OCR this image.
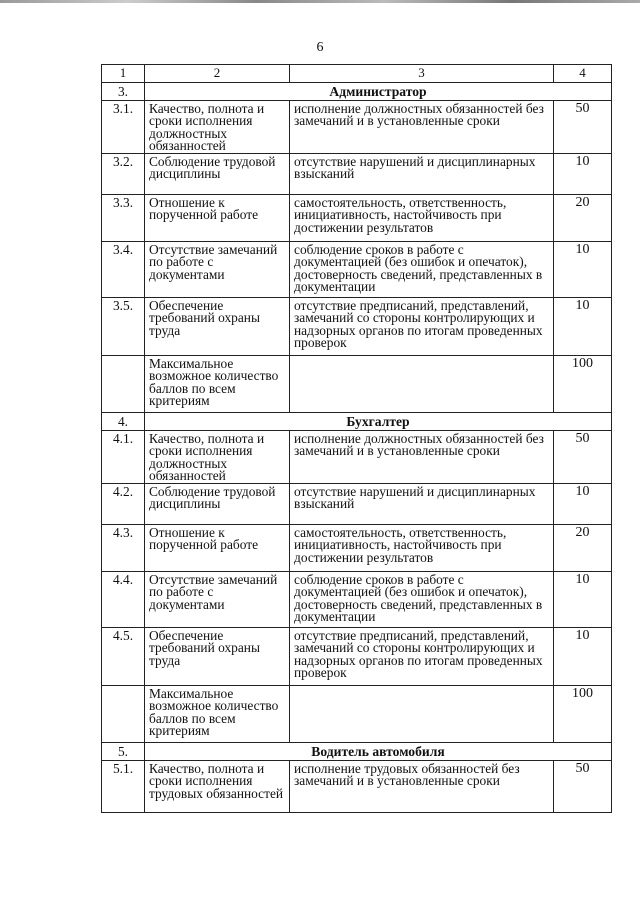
6
1	2	3	4
3.	Администратор		
3.1.	Качество, полнота и сроки исполнения должностных обязанностей	исполнение должностных обязанностей без замечаний и в установленные сроки	50
3.2.	Соблюдение трудовой дисциплины	отсутствие нарушений и дисциплинарных взысканий	10
3.3.	Отношение к порученной работе	самостоятельность, ответственность, инициативность, настойчивость при достижении результатов	20
3.4.	Отсутствие замечаний по работе с документами	соблюдение сроков в работе с документацией (без ошибок и опечаток), достоверность сведений, представленных в документации	10
3.5.	Обеспечение требований охраны труда	отсутствие предписаний, представлений, замечаний со стороны контролирующих и надзорных органов по итогам проведенных проверок	10
	Максимальное возможное количество баллов по всем критериям		100
4.	Бухгалтер		
4.1.	Качество, полнота и сроки исполнения должностных обязанностей	исполнение должностных обязанностей без замечаний и в установленные сроки	50
4.2.	Соблюдение трудовой дисциплины	отсутствие нарушений и дисциплинарных взысканий	10
4.3.	Отношение к порученной работе	самостоятельность, ответственность, инициативность, настойчивость при достижении результатов	20
4.4.	Отсутствие замечаний по работе с документами	соблюдение сроков в работе с документацией (без ошибок и опечаток), достоверность сведений, представленных в документации	10
4.5.	Обеспечение требований охраны труда	отсутствие предписаний, представлений, замечаний со стороны контролирующих и надзорных органов по итогам проведенных проверок	10
	Максимальное возможное количество баллов по всем критериям		100
5.	Водитель автомобиля		
5.1.	Качество, полнота и сроки исполнения трудовых обязанностей	исполнение трудовых обязанностей без замечаний и в установленные сроки	50
